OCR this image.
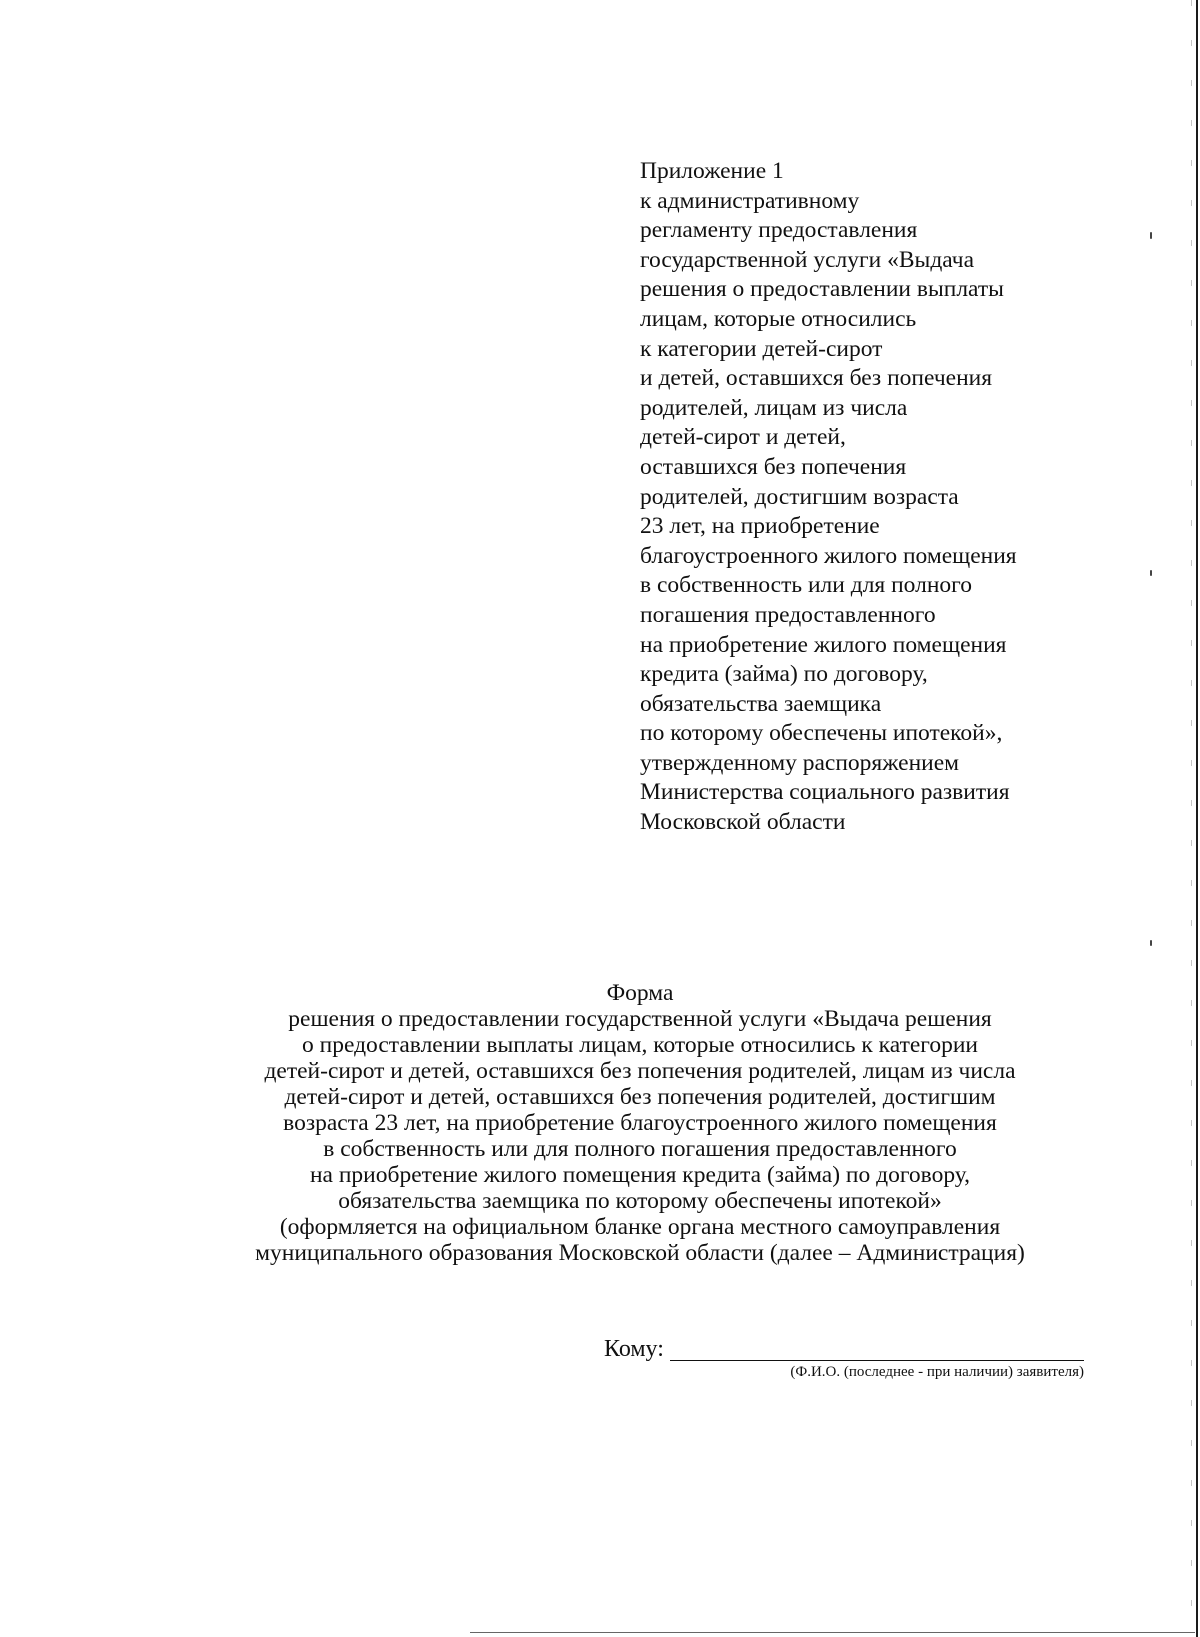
Приложение 1
к административному
регламенту предоставления
государственной услуги «Выдача
решения о предоставлении выплаты
лицам, которые относились
к категории детей-сирот
и детей, оставшихся без попечения
родителей, лицам из числа
детей-сирот и детей,
оставшихся без попечения
родителей, достигшим возраста
23 лет, на приобретение
благоустроенного жилого помещения
в собственность или для полного
погашения предоставленного
на приобретение жилого помещения
кредита (займа) по договору,
обязательства заемщика
по которому обеспечены ипотекой»,
утвержденному распоряжением
Министерства социального развития
Московской области
Форма
решения о предоставлении государственной услуги «Выдача решения
о предоставлении выплаты лицам, которые относились к категории
детей-сирот и детей, оставшихся без попечения родителей, лицам из числа
детей-сирот и детей, оставшихся без попечения родителей, достигшим
возраста 23 лет, на приобретение благоустроенного жилого помещения
в собственность или для полного погашения предоставленного
на приобретение жилого помещения кредита (займа) по договору,
обязательства заемщика по которому обеспечены ипотекой»
(оформляется на официальном бланке органа местного самоуправления
муниципального образования Московской области (далее – Администрация)
Кому:
(Ф.И.О. (последнее - при наличии) заявителя)
